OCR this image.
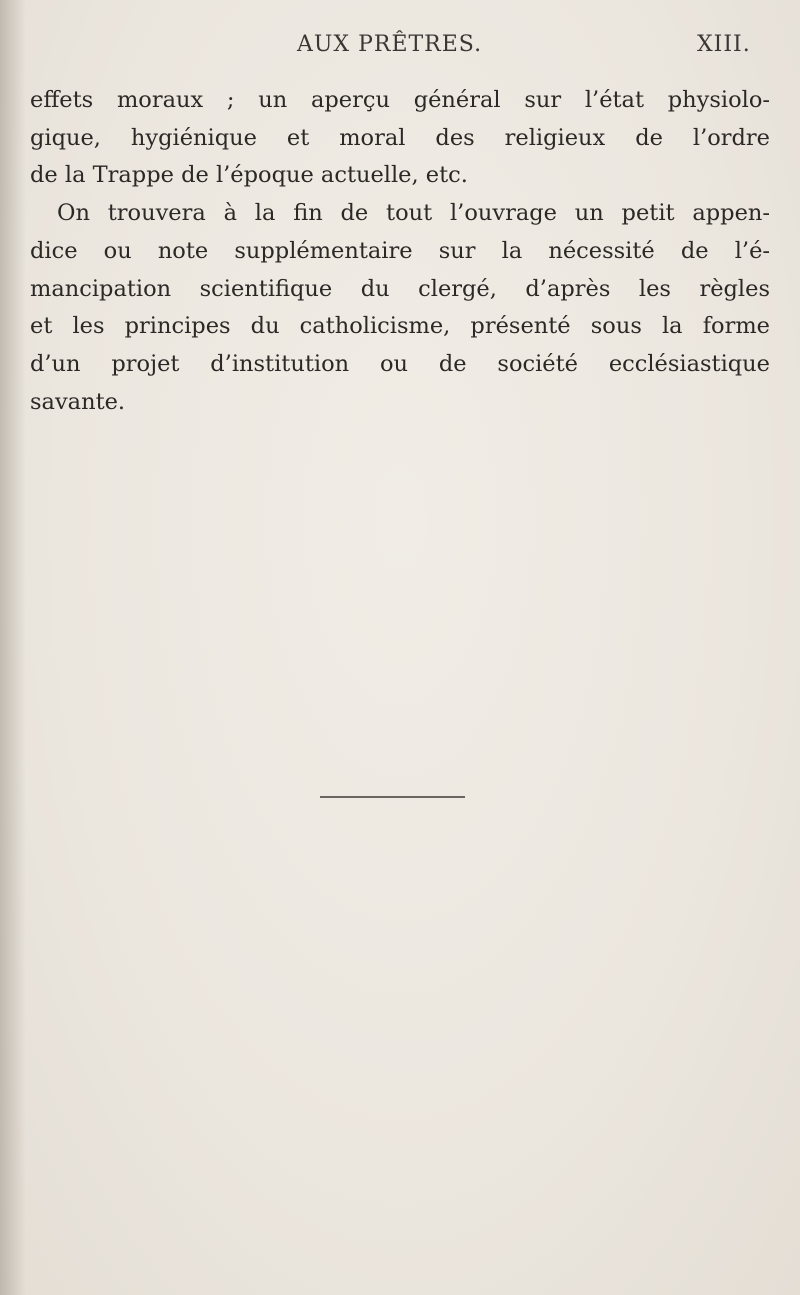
AUX PRÊTRES.	XIII.
effets moraux ; un aperçu général sur l’état physiolo-
gique, hygiénique et moral des religieux de l’ordre
de la Trappe de l’époque actuelle, etc.
On trouvera à la fin de tout l’ouvrage un petit appen-
dice ou note supplémentaire sur la nécessité de l’é-
mancipation scientifique du clergé, d’après les règles
et les principes du catholicisme, présenté sous la forme
d’un projet d’institution ou de société ecclésiastique
savante.
